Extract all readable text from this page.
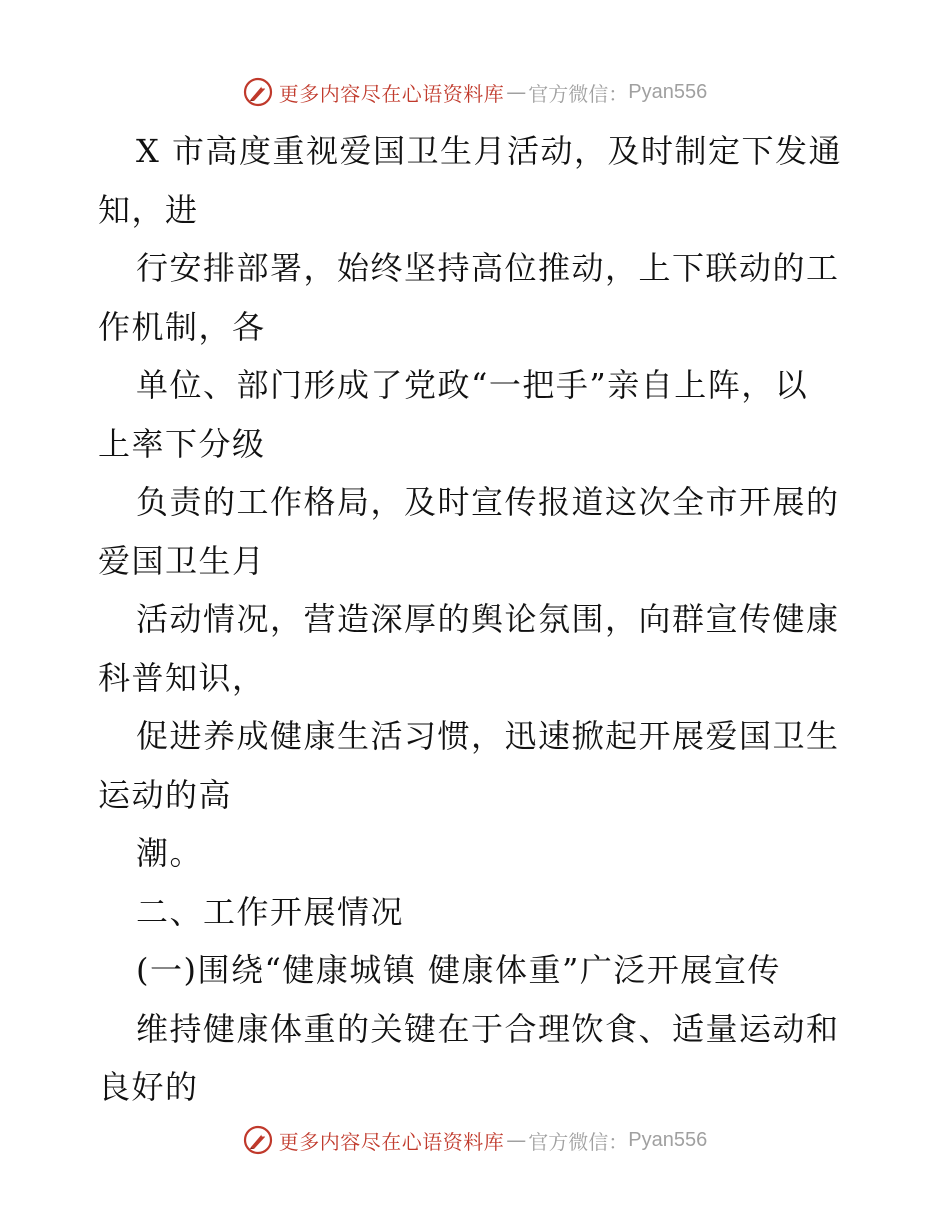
更多内容尽在心语资料库 — 官方微信： Pyan556
X 市高度重视爱国卫生月活动，及时制定下发通
知，进
行安排部署，始终坚持高位推动，上下联动的工
作机制，各
单位、部门形成了党政“一把手”亲自上阵，以
上率下分级
负责的工作格局，及时宣传报道这次全市开展的
爱国卫生月
活动情况，营造深厚的舆论氛围，向群宣传健康
科普知识，
促进养成健康生活习惯，迅速掀起开展爱国卫生
运动的高
潮。
二、工作开展情况
(一)围绕“健康城镇 健康体重”广泛开展宣传
维持健康体重的关键在于合理饮食、适量运动和
良好的
更多内容尽在心语资料库 — 官方微信： Pyan556
